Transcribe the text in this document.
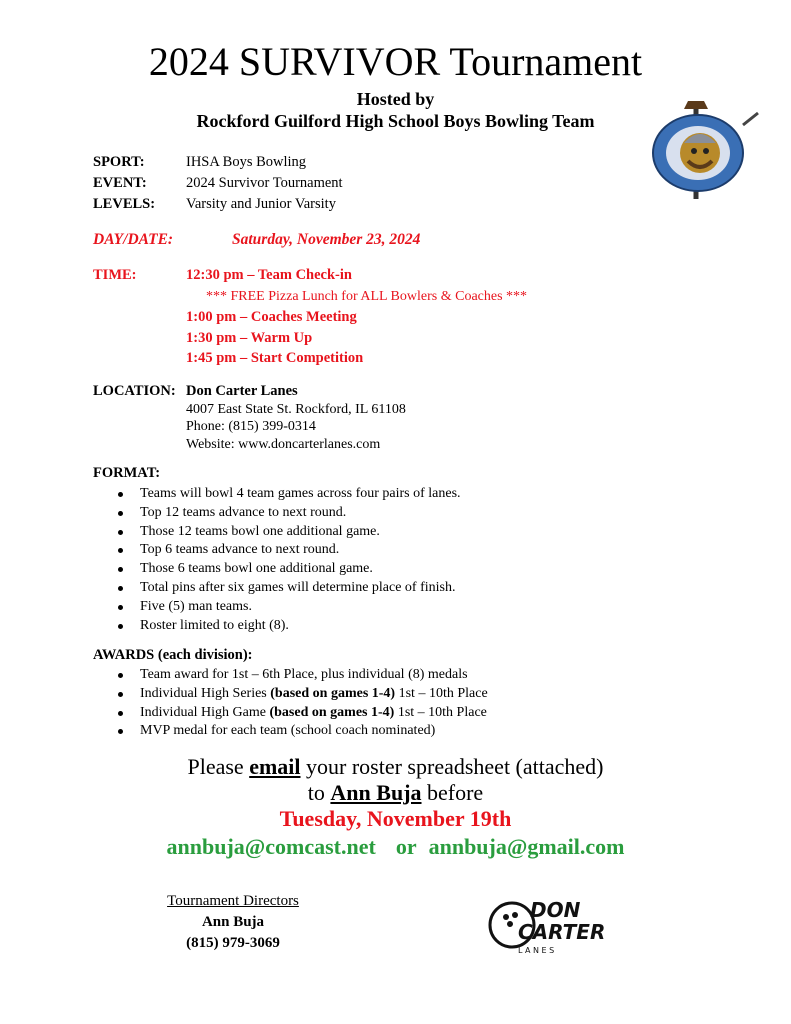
2024 SURVIVOR Tournament
Hosted by
Rockford Guilford High School Boys Bowling Team
SPORT:	IHSA Boys Bowling
EVENT:	2024 Survivor Tournament
LEVELS: Varsity and Junior Varsity
DAY/DATE:	Saturday, November 23, 2024
TIME:	12:30 pm – Team Check-in
*** FREE Pizza Lunch for ALL Bowlers & Coaches ***
1:00 pm – Coaches Meeting
1:30 pm – Warm Up
1:45 pm – Start Competition
LOCATION: Don Carter Lanes
4007 East State St. Rockford, IL 61108
Phone: (815) 399-0314
Website: www.doncarterlanes.com
FORMAT:
Teams will bowl 4 team games across four pairs of lanes.
Top 12 teams advance to next round.
Those 12 teams bowl one additional game.
Top 6 teams advance to next round.
Those 6 teams bowl one additional game.
Total pins after six games will determine place of finish.
Five (5) man teams.
Roster limited to eight (8).
AWARDS (each division):
Team award for 1st – 6th Place, plus individual (8) medals
Individual High Series (based on games 1-4) 1st – 10th Place
Individual High Game (based on games 1-4) 1st – 10th Place
MVP medal for each team (school coach nominated)
Please email your roster spreadsheet (attached)
to Ann Buja before
Tuesday, November 19th
annbuja@comcast.net or annbuja@gmail.com
Tournament Directors
Ann Buja
(815) 979-3069
DON
CARTER
L A N E S
